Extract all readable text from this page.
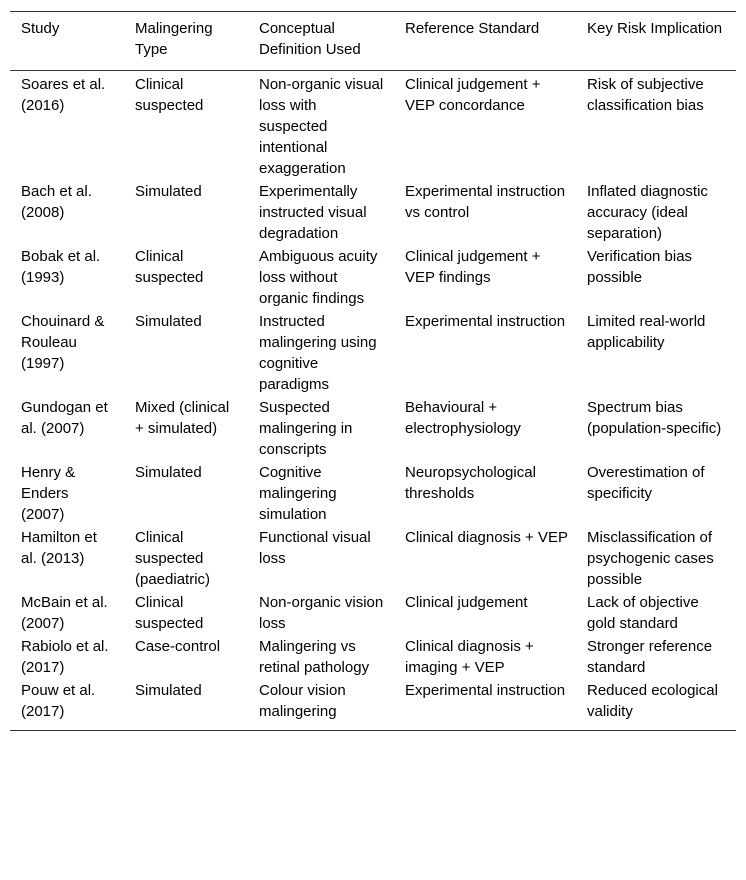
Study	Malingering Type	Conceptual Definition Used	Reference Standard	Key Risk Implication
Soares et al. (2016)	Clinical suspected	Non-organic visual loss with suspected intentional exaggeration	Clinical judgement + VEP concordance	Risk of subjective classification bias
Bach et al. (2008)	Simulated	Experimentally instructed visual degradation	Experimental instruction vs control	Inflated diagnostic accuracy (ideal separation)
Bobak et al. (1993)	Clinical suspected	Ambiguous acuity loss without organic findings	Clinical judgement + VEP findings	Verification bias possible
Chouinard & Rouleau (1997)	Simulated	Instructed malingering using cognitive paradigms	Experimental instruction	Limited real-world applicability
Gundogan et al. (2007)	Mixed (clinical + simulated)	Suspected malingering in conscripts	Behavioural + electrophysiology	Spectrum bias (population-specific)
Henry & Enders (2007)	Simulated	Cognitive malingering simulation	Neuropsychological thresholds	Overestimation of specificity
Hamilton et al. (2013)	Clinical suspected (paediatric)	Functional visual loss	Clinical diagnosis + VEP	Misclassification of psychogenic cases possible
McBain et al. (2007)	Clinical suspected	Non-organic vision loss	Clinical judgement	Lack of objective gold standard
Rabiolo et al. (2017)	Case-control	Malingering vs retinal pathology	Clinical diagnosis + imaging + VEP	Stronger reference standard
Pouw et al. (2017)	Simulated	Colour vision malingering	Experimental instruction	Reduced ecological validity
